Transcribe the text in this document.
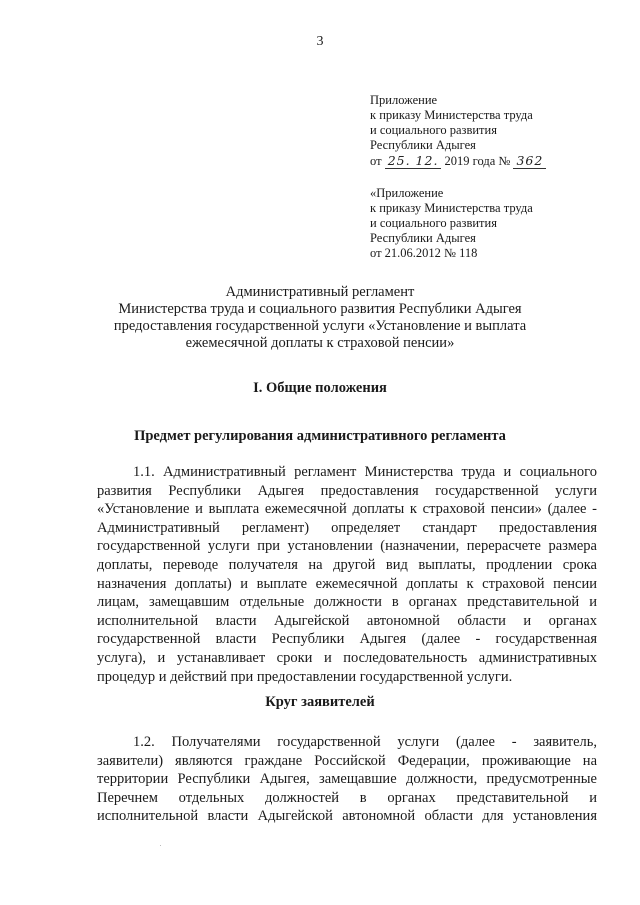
3
Приложение
к приказу Министерства труда
и социального развития
Республики Адыгея
от 25. 12. 2019 года № 362
«Приложение
к приказу Министерства труда
и социального развития
Республики Адыгея
от 21.06.2012 № 118
Административный регламент
Министерства труда и социального развития Республики Адыгея
предоставления государственной услуги «Установление и выплата
ежемесячной доплаты к страховой пенсии»
I. Общие положения
Предмет регулирования административного регламента
1.1. Административный регламент Министерства труда и социального
развития Республики Адыгея предоставления государственной услуги
«Установление и выплата ежемесячной доплаты к страховой пенсии» (далее -
Административный регламент) определяет стандарт предоставления
государственной услуги при установлении (назначении, перерасчете размера
доплаты, переводе получателя на другой вид выплаты, продлении срока
назначения доплаты) и выплате ежемесячной доплаты к страховой пенсии
лицам, замещавшим отдельные должности в органах представительной и
исполнительной власти Адыгейской автономной области и органах
государственной власти Республики Адыгея (далее - государственная
услуга), и устанавливает сроки и последовательность административных
процедур и действий при предоставлении государственной услуги.
Круг заявителей
1.2. Получателями государственной услуги (далее - заявитель,
заявители) являются граждане Российской Федерации, проживающие на
территории Республики Адыгея, замещавшие должности, предусмотренные
Перечнем отдельных должностей в органах представительной и
исполнительной власти Адыгейской автономной области для установления
